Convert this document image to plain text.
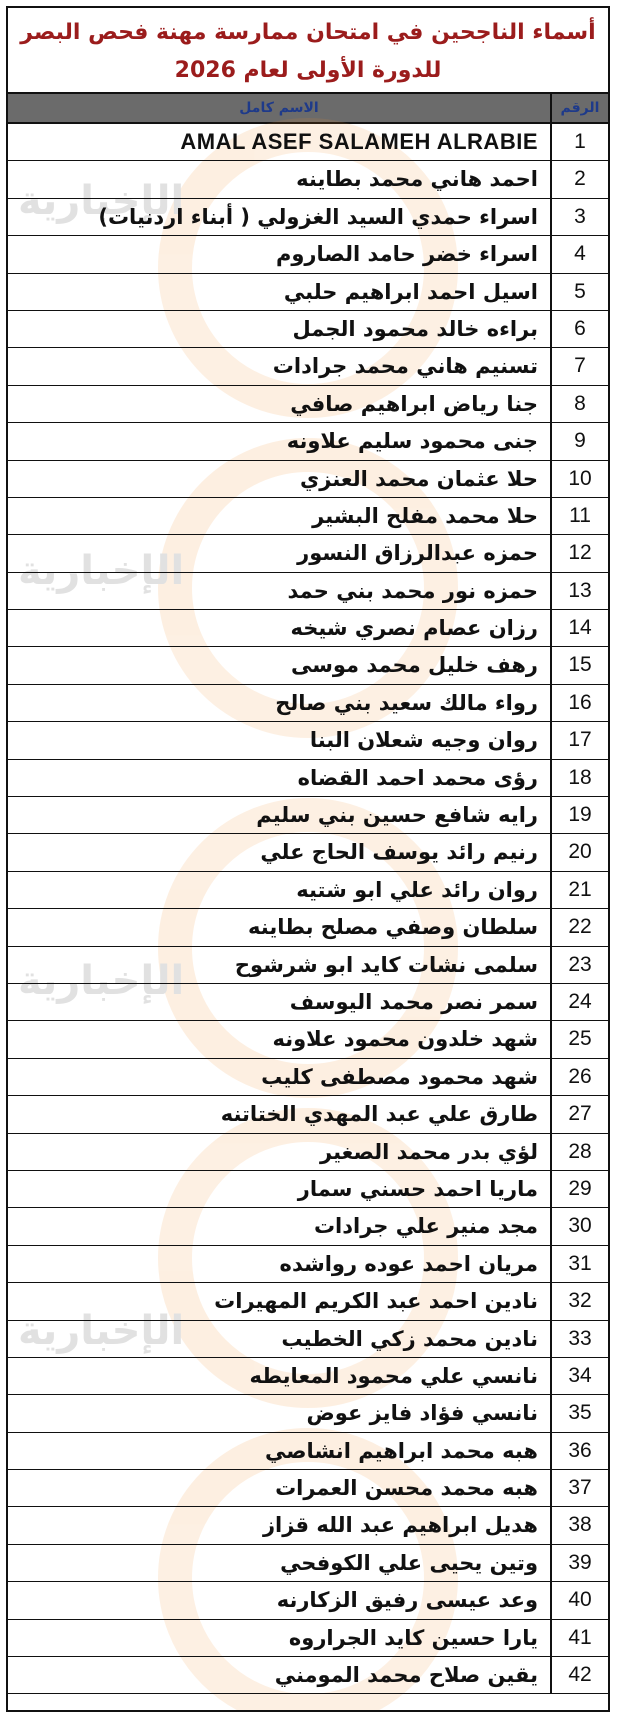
الإخبارية
الإخبارية
الإخبارية
الإخبارية
أسماء الناجحين في امتحان ممارسة مهنة فحص البصر
للدورة الأولى لعام 2026
الاسم كامل	الرقم
AMAL ASEF SALAMEH ALRABIE	1
احمد هاني محمد بطاينه	2
اسراء حمدي السيد الغزولي ( أبناء اردنيات)	3
اسراء خضر حامد الصاروم	4
اسيل احمد ابراهيم حلبي	5
براءه خالد محمود الجمل	6
تسنيم هاني محمد جرادات	7
جنا رياض ابراهيم صافي	8
جنى محمود سليم علاونه	9
حلا عثمان محمد العنزي	10
حلا محمد مفلح البشير	11
حمزه عبدالرزاق النسور	12
حمزه نور محمد بني حمد	13
رزان عصام نصري شيخه	14
رهف خليل محمد موسى	15
رواء مالك سعيد بني صالح	16
روان وجيه شعلان البنا	17
رؤى محمد احمد القضاه	18
رايه شافع حسين بني سليم	19
رنيم رائد يوسف الحاج علي	20
روان رائد علي ابو شتيه	21
سلطان وصفي مصلح بطاينه	22
سلمى نشات كايد ابو شرشوح	23
سمر نصر محمد اليوسف	24
شهد خلدون محمود علاونه	25
شهد محمود مصطفى كليب	26
طارق علي عبد المهدي الختاتنه	27
لؤي بدر محمد الصغير	28
ماريا احمد حسني سمار	29
مجد منير علي جرادات	30
مريان احمد عوده رواشده	31
نادين احمد عبد الكريم المهيرات	32
نادين محمد زكي الخطيب	33
نانسي علي محمود المعايطه	34
نانسي فؤاد فايز عوض	35
هبه محمد ابراهيم انشاصي	36
هبه محمد محسن العمرات	37
هديل ابراهيم عبد الله قزاز	38
وتين يحيى علي الكوفحي	39
وعد عيسى رفيق الزكارنه	40
يارا حسين كايد الجراروه	41
يقين صلاح محمد المومني	42
